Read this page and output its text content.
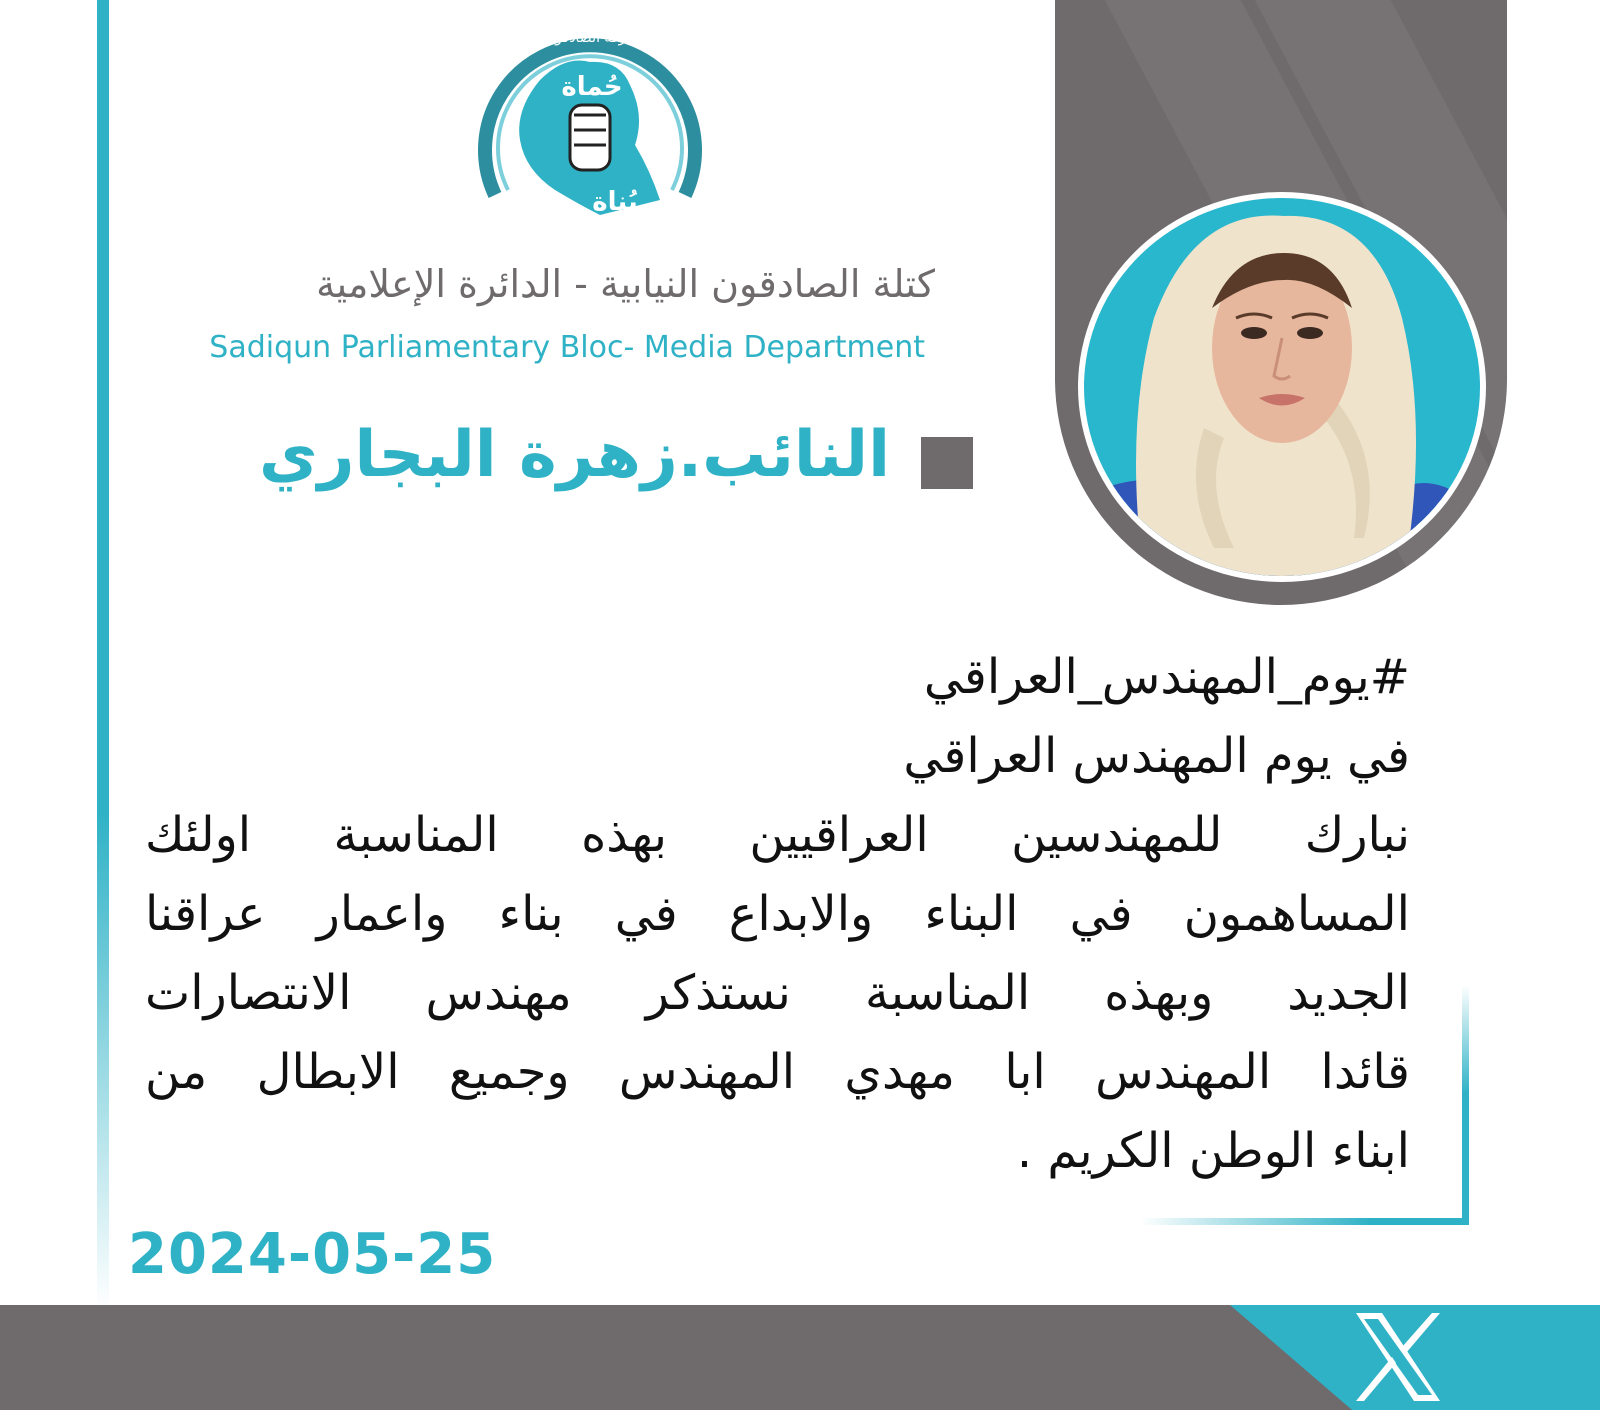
حُماة
بُناة
حركة الصادقون
كتلة الصادقون النيابية - الدائرة الإعلامية
Sadiqun Parliamentary Bloc- Media Department
النائب.زهرة البجاري
#يوم_المهندس_العراقي
في يوم المهندس العراقي
نبارك للمهندسين العراقيين بهذه المناسبة اولئك
المساهمون في البناء والابداع في بناء واعمار عراقنا
الجديد وبهذه المناسبة نستذكر مهندس الانتصارات
قائدا المهندس ابا مهدي المهندس وجميع الابطال من
ابناء الوطن الكريم .
2024-05-25
